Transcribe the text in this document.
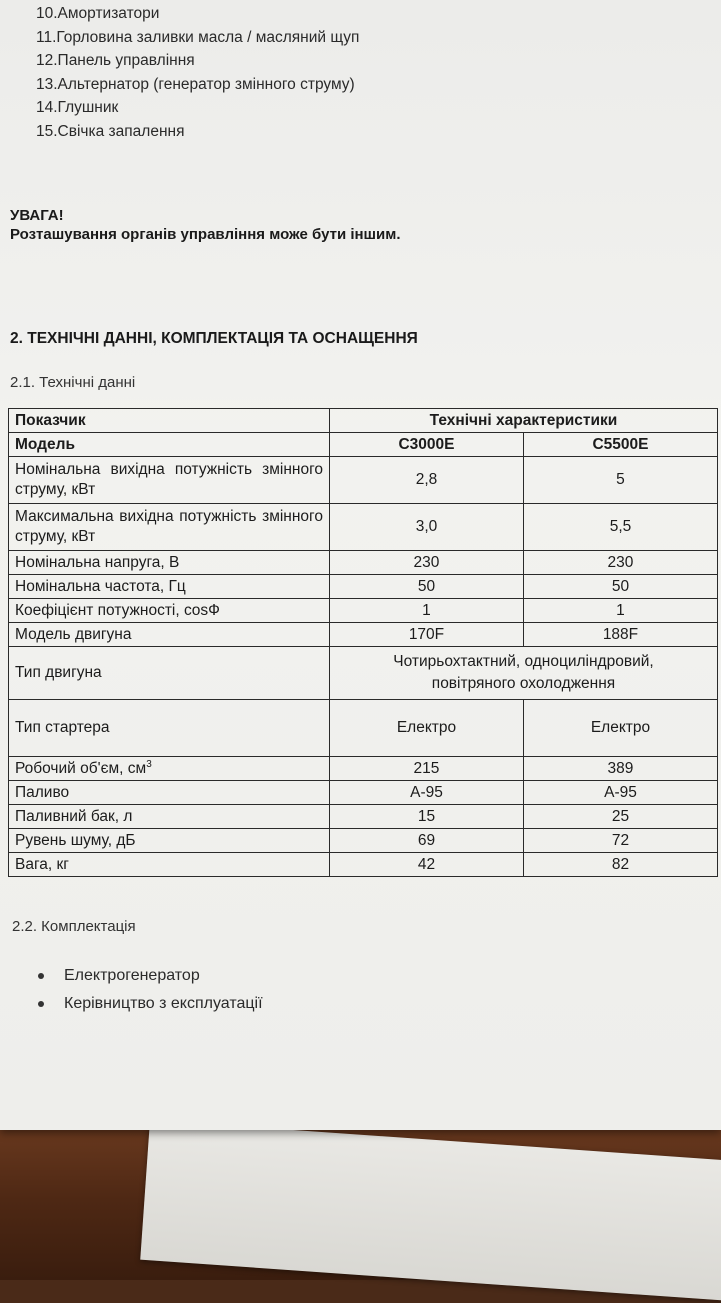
10.Амортизатори
11.Горловина заливки масла / масляний щуп
12.Панель управління
13.Альтернатор (генератор змінного струму)
14.Глушник
15.Свічка запалення
УВАГА!
Розташування органів управління може бути іншим.
2. ТЕХНІЧНІ ДАННІ, КОМПЛЕКТАЦІЯ ТА ОСНАЩЕННЯ
2.1. Технічні данні
Показчик	Технічні характеристики	
Модель	C3000E	C5500E
Номінальна вихідна потужність змінного струму, кВт	2,8	5
Максимальна вихідна потужність змінного струму, кВт	3,0	5,5
Номінальна напруга, В	230	230
Номінальна частота, Гц	50	50
Коефіцієнт потужності, cosФ	1	1
Модель двигуна	170F	188F
Тип двигуна	Чотирьохтактний, одноциліндровий,
повітряного охолодження	

Тип стартера	Електро	Електро
Робочий об'єм, $см^3$	215	389
Паливо	А-95	А-95
Паливний бак, л	15	25
Рувень шуму, дБ	69	72
Вага, кг	42	82
2.2. Комплектація
Електрогенератор
Керівництво з експлуатації
